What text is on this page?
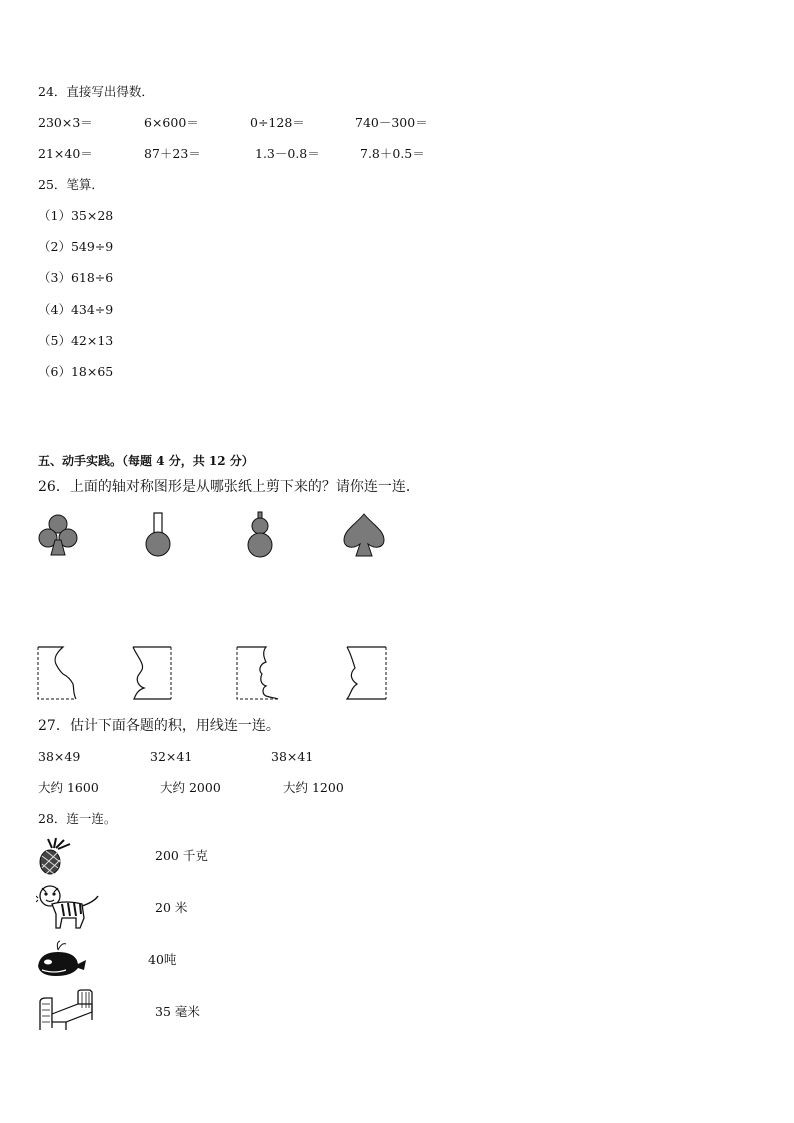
24．直接写出得数．
230×3＝	6×600＝	0÷128＝	740－300＝
21×40＝	87＋23＝	1.3－0.8＝	7.8＋0.5＝
25．笔算．
（1）35×28
（2）549÷9
（3）618÷6
（4）434÷9
（5）42×13
（6）18×65
五、动手实践。（每题 4 分，共 12 分）
26．上面的轴对称图形是从哪张纸上剪下来的？请你连一连．
27．估计下面各题的积，用线连一连。
38×49	32×41	38×41
大约 1600	大约 2000	大约 1200
28．连一连。
200 千克
20 米
40吨
35 毫米
